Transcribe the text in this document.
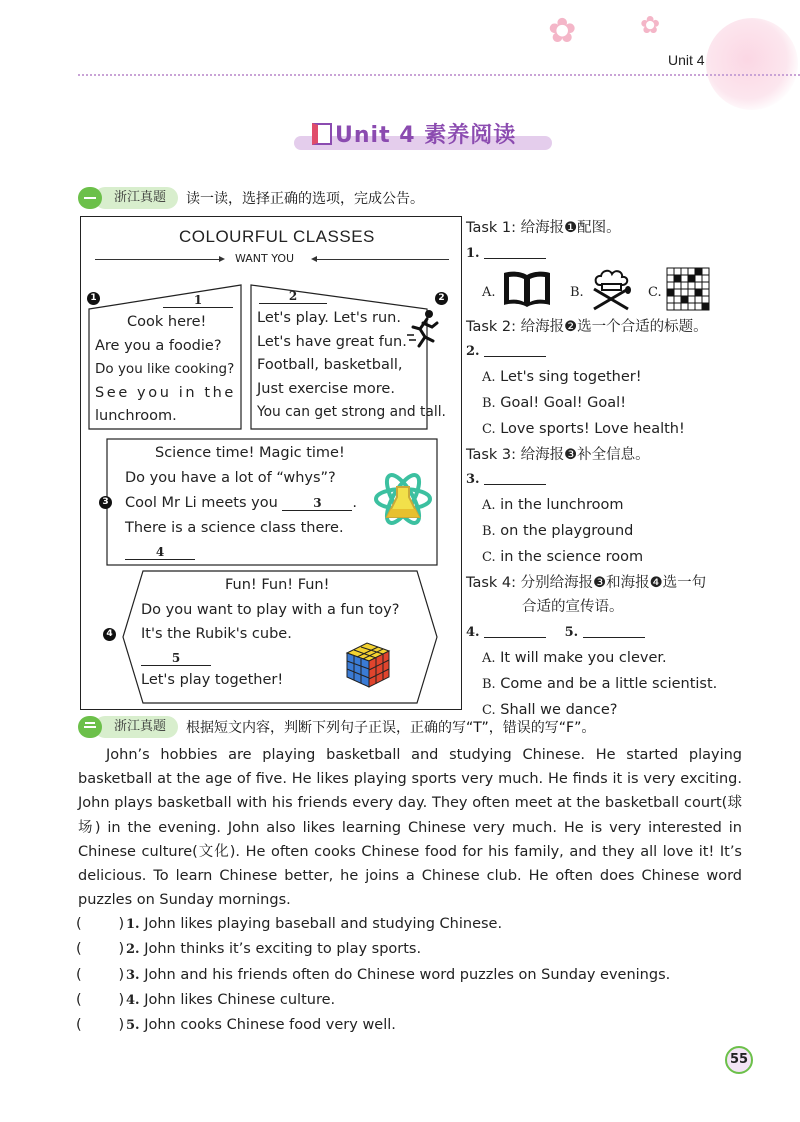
✿	✿
Unit 4
Unit 4 素养阅读
浙江真题	读一读，选择正确的选项，完成公告。
COLOURFUL CLASSES
WANT YOU
1	1
Cook here!
Are you a foodie?
Do you like cooking?
See you in the
lunchroom.
2
2
Let's play. Let's run.
Let's have great fun.
Football, basketball,
Just exercise more.
You can get strong and tall.
3
Science time! Magic time!
Do you have a lot of “whys”?
Cool Mr Li meets you	3 .
There is a science class there.
4
4
Fun! Fun! Fun!
Do you want to play with a fun toy?
It's the Rubik's cube.
5
Let's play together!
Task 1: 给海报❶配图。
1.
A.	B.	C.
Task 2: 给海报❷选一个合适的标题。
2.
A. Let's sing together!
B. Goal! Goal! Goal!
C. Love sports! Love health!
Task 3: 给海报❸补全信息。
3.
A. in the lunchroom
B. on the playground
C. in the science room
Task 4: 分别给海报❸和海报❹选一句
合适的宣传语。
4.	5.
A. It will make you clever.
B. Come and be a little scientist.
C. Shall we dance?
浙江真题	根据短文内容，判断下列句子正误，正确的写“T”，错误的写“F”。
John’s hobbies are playing basketball and studying Chinese. He started playing basketball at the age of five. He likes playing sports very much. He finds it is very exciting. John plays basketball with his friends every day. They often meet at the basketball court(球场) in the evening. John also likes learning Chinese very much. He is very interested in Chinese culture(文化). He often cooks Chinese food for his family, and they all love it! It’s delicious. To learn Chinese better, he joins a Chinese club. He often does Chinese word puzzles on Sunday mornings.
(        ) 1. John likes playing baseball and studying Chinese.
(        ) 2. John thinks it’s exciting to play sports.
(        ) 3. John and his friends often do Chinese word puzzles on Sunday evenings.
(        ) 4. John likes Chinese culture.
(        ) 5. John cooks Chinese food very well.
55
